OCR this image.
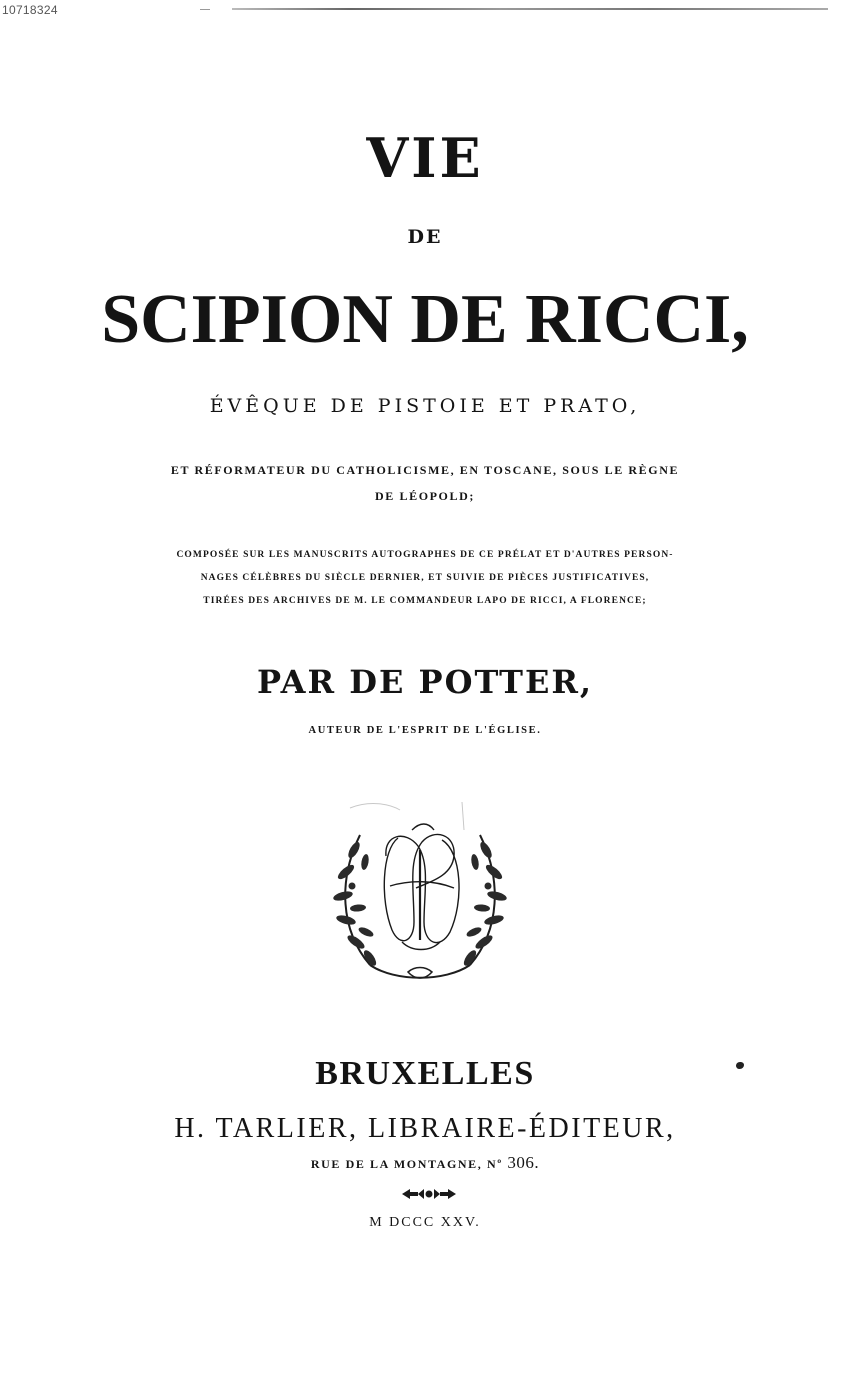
10718324
VIE
DE
SCIPION DE RICCI,
ÉVÊQUE DE PISTOIE ET PRATO,
ET RÉFORMATEUR DU CATHOLICISME, EN TOSCANE, SOUS LE RÈGNE
DE LÉOPOLD;
COMPOSÉE SUR LES MANUSCRITS AUTOGRAPHES DE CE PRÉLAT ET D'AUTRES PERSON-
NAGES CÉLÈBRES DU SIÈCLE DERNIER, ET SUIVIE DE PIÈCES JUSTIFICATIVES,
TIRÉES DES ARCHIVES DE M. LE COMMANDEUR LAPO DE RICCI, A FLORENCE;
PAR DE POTTER,
AUTEUR DE L'ESPRIT DE L'ÉGLISE.
BRUXELLES
H. TARLIER, LIBRAIRE-ÉDITEUR,
RUE DE LA MONTAGNE, Nº 306.
M DCCC XXV.
